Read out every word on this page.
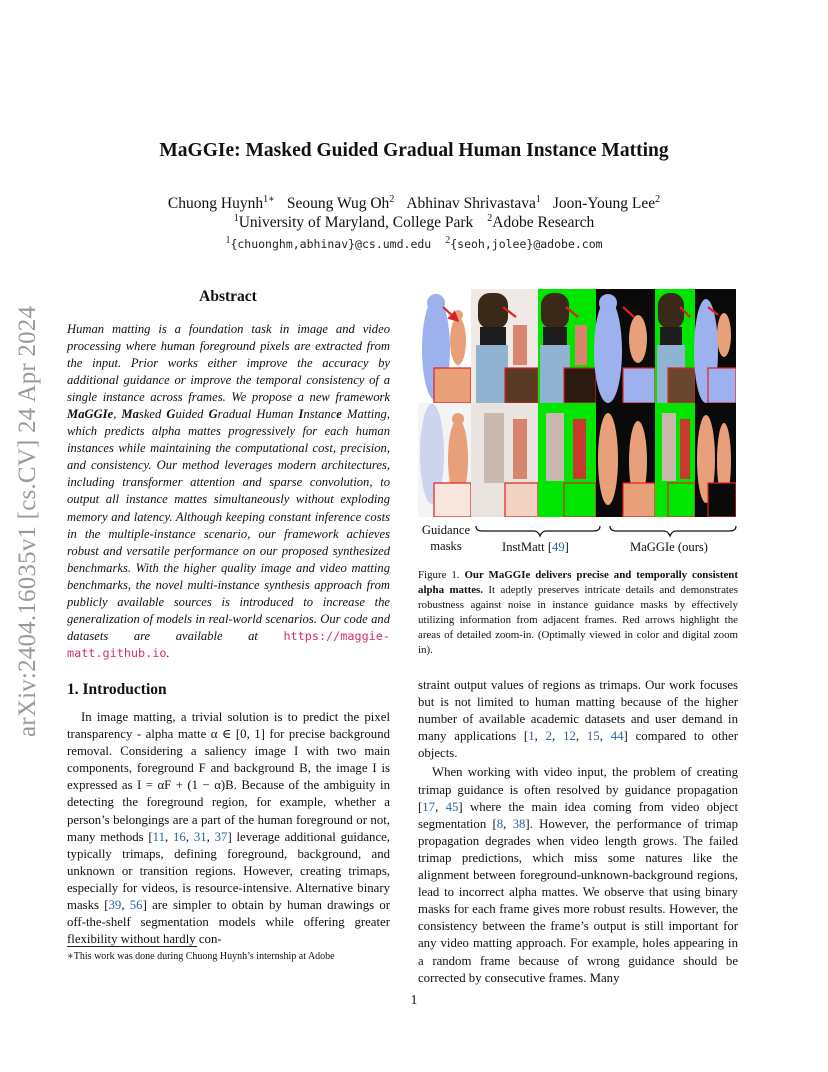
arXiv:2404.16035v1 [cs.CV] 24 Apr 2024
MaGGIe: Masked Guided Gradual Human Instance Matting
Chuong Huynh$^{1∗}$ Seoung Wug Oh$^2$ Abhinav Shrivastava$^1$ Joon-Young Lee$^2$
$^1$University of Maryland, College Park $^2$Adobe Research
$^1${chuonghm,abhinav}@cs.umd.edu $^2${seoh,jolee}@adobe.com
Abstract

Human matting is a foundation task in image and video processing where human foreground pixels are extracted from the input. Prior works either improve the accuracy by additional guidance or improve the temporal consistency of a single instance across frames. We propose a new framework MaGGIe, Masked Guided Gradual Human Instance Matting, which predicts alpha mattes progressively for each human instances while maintaining the computational cost, precision, and consistency. Our method leverages modern architectures, including transformer attention and sparse convolution, to output all instance mattes simultaneously without exploding memory and latency. Although keeping constant inference costs in the multiple-instance scenario, our framework achieves robust and versatile performance on our proposed synthesized benchmarks. With the higher quality image and video matting benchmarks, the novel multi-instance synthesis approach from publicly available sources is introduced to increase the generalization of models in real-world scenarios. Our code and datasets are available at https://maggie-matt.github.io.

1. Introduction

In image matting, a trivial solution is to predict the pixel transparency - alpha matte α ∈ [0, 1] for precise background removal. Considering a saliency image I with two main components, foreground F and background B, the image I is expressed as I = αF + (1 − α)B. Because of the ambiguity in detecting the foreground region, for example, whether a person’s belongings are a part of the human foreground or not, many methods [11, 16, 31, 37] leverage additional guidance, typically trimaps, defining foreground, background, and unknown or transition regions. However, creating trimaps, especially for videos, is resource-intensive. Alternative binary masks [39, 56] are simpler to obtain by human drawings or off-the-shelf segmentation models while offering greater flexibility without hardly con-

straint output values of regions as trimaps. Our work focuses but is not limited to human matting because of the higher number of available academic datasets and user demand in many applications [1, 2, 12, 15, 44] compared to other objects.

When working with video input, the problem of creating trimap guidance is often resolved by guidance propagation [17, 45] where the main idea coming from video object segmentation [8, 38]. However, the performance of trimap propagation degrades when video length grows. The failed trimap predictions, which miss some natures like the alignment between foreground-unknown-background regions, lead to incorrect alpha mattes. We observe that using binary masks for each frame gives more robust results. However, the consistency between the frame’s output is still important for any video matting approach. For example, holes appearing in a random frame because of wrong guidance should be corrected by consecutive frames. Many

∗This work was done during Chuong Huynh’s internship at Adobe
1
Guidance
masks	InstMatt [49]	MaGGIe (ours)

Figure 1. Our MaGGIe delivers precise and temporally consistent alpha mattes. It adeptly preserves intricate details and demonstrates robustness against noise in instance guidance masks by effectively utilizing information from adjacent frames. Red arrows highlight the areas of detailed zoom-in. (Optimally viewed in color and digital zoom in).
